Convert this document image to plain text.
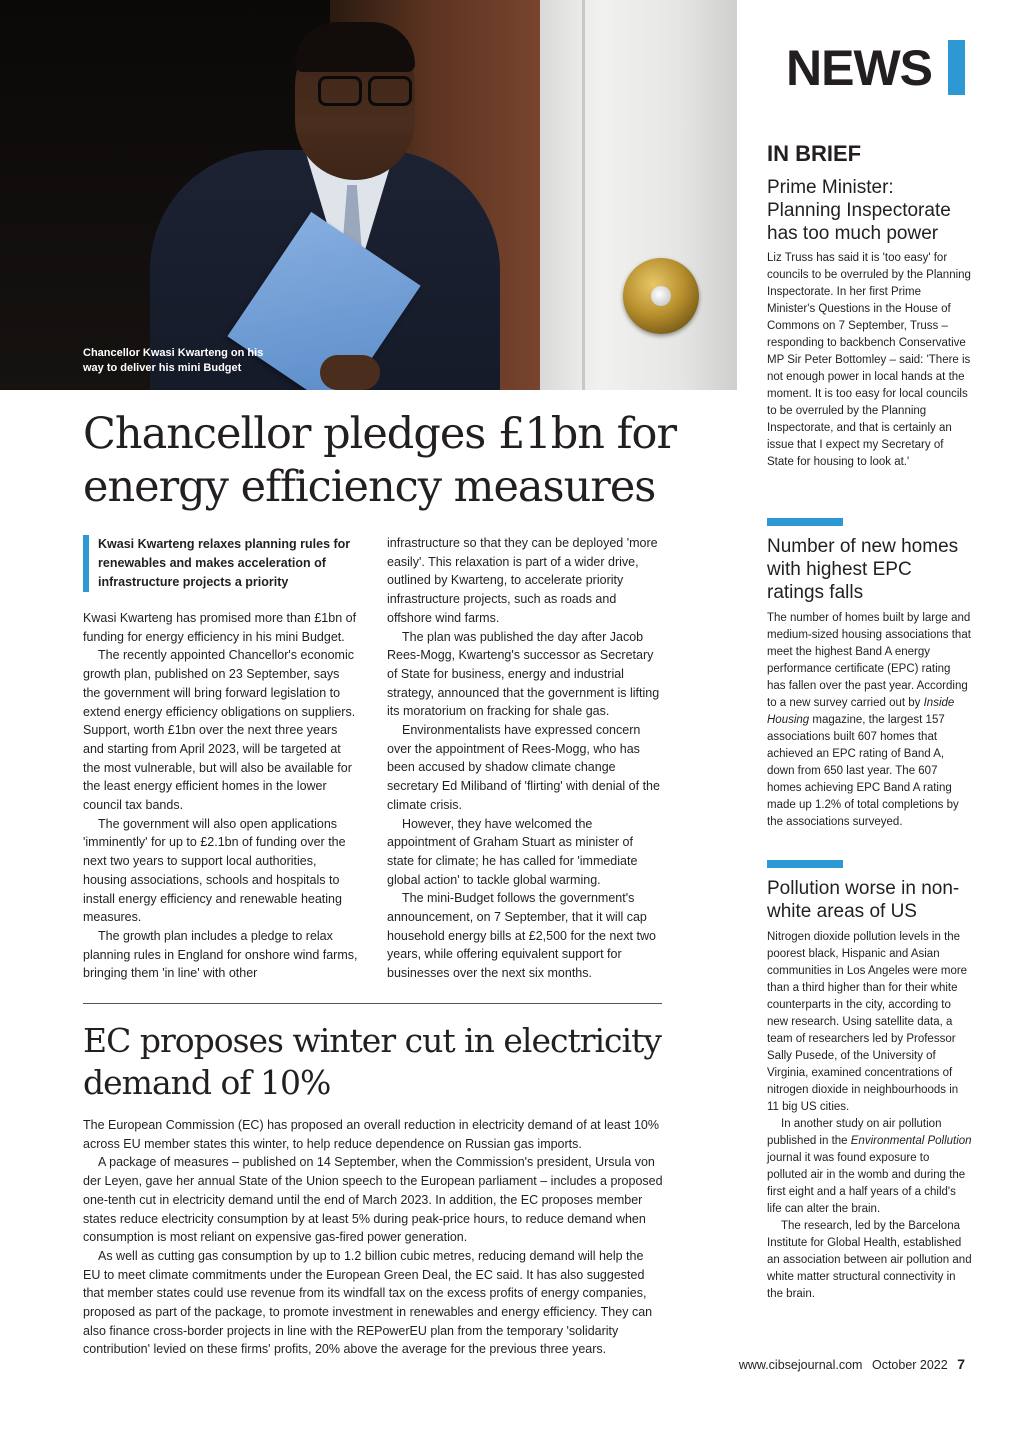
Chancellor Kwasi Kwarteng on his way to deliver his mini Budget
NEWS
Chancellor pledges £1bn for energy efficiency measures
Kwasi Kwarteng relaxes planning rules for renewables and makes acceleration of infrastructure projects a priority

Kwasi Kwarteng has promised more than £1bn of funding for energy efficiency in his mini Budget.

The recently appointed Chancellor's economic growth plan, published on 23 September, says the government will bring forward legislation to extend energy efficiency obligations on suppliers. Support, worth £1bn over the next three years and starting from April 2023, will be targeted at the most vulnerable, but will also be available for the least energy efficient homes in the lower council tax bands.

The government will also open applications 'imminently' for up to £2.1bn of funding over the next two years to support local authorities, housing associations, schools and hospitals to install energy efficiency and renewable heating measures.

The growth plan includes a pledge to relax planning rules in England for onshore wind farms, bringing them 'in line' with other

infrastructure so that they can be deployed 'more easily'. This relaxation is part of a wider drive, outlined by Kwarteng, to accelerate priority infrastructure projects, such as roads and offshore wind farms.

The plan was published the day after Jacob Rees-Mogg, Kwarteng's successor as Secretary of State for business, energy and industrial strategy, announced that the government is lifting its moratorium on fracking for shale gas.

Environmentalists have expressed concern over the appointment of Rees-Mogg, who has been accused by shadow climate change secretary Ed Miliband of 'flirting' with denial of the climate crisis.

However, they have welcomed the appointment of Graham Stuart as minister of state for climate; he has called for 'immediate global action' to tackle global warming.

The mini-Budget follows the government's announcement, on 7 September, that it will cap household energy bills at £2,500 for the next two years, while offering equivalent support for businesses over the next six months.

EC proposes winter cut in electricity demand of 10%

The European Commission (EC) has proposed an overall reduction in electricity demand of at least 10% across EU member states this winter, to help reduce dependence on Russian gas imports.

A package of measures – published on 14 September, when the Commission's president, Ursula von der Leyen, gave her annual State of the Union speech to the European parliament – includes a proposed one-tenth cut in electricity demand until the end of March 2023. In addition, the EC proposes member states reduce electricity consumption by at least 5% during peak-price hours, to reduce demand when consumption is most reliant on expensive gas-fired power generation.

As well as cutting gas consumption by up to 1.2 billion cubic metres, reducing demand will help the EU to meet climate commitments under the European Green Deal, the EC said. It has also suggested that member states could use revenue from its windfall tax on the excess profits of energy companies, proposed as part of the package, to promote investment in renewables and energy efficiency. They can also finance cross-border projects in line with the REPowerEU plan from the temporary 'solidarity contribution' levied on these firms' profits, 20% above the average for the previous three years.

IN BRIEF
Prime Minister: Planning Inspectorate has too much power

Liz Truss has said it is 'too easy' for councils to be overruled by the Planning Inspectorate. In her first Prime Minister's Questions in the House of Commons on 7 September, Truss – responding to backbench Conservative MP Sir Peter Bottomley – said: 'There is not enough power in local hands at the moment. It is too easy for local councils to be overruled by the Planning Inspectorate, and that is certainly an issue that I expect my Secretary of State for housing to look at.'

Number of new homes with highest EPC ratings falls

The number of homes built by large and medium-sized housing associations that meet the highest Band A energy performance certificate (EPC) rating has fallen over the past year. According to a new survey carried out by Inside Housing magazine, the largest 157 associations built 607 homes that achieved an EPC rating of Band A, down from 650 last year. The 607 homes achieving EPC Band A rating made up 1.2% of total completions by the associations surveyed.

Pollution worse in non-white areas of US

Nitrogen dioxide pollution levels in the poorest black, Hispanic and Asian communities in Los Angeles were more than a third higher than for their white counterparts in the city, according to new research. Using satellite data, a team of researchers led by Professor Sally Pusede, of the University of Virginia, examined concentrations of nitrogen dioxide in neighbourhoods in 11 big US cities.

In another study on air pollution published in the Environmental Pollution journal it was found exposure to polluted air in the womb and during the first eight and a half years of a child's life can alter the brain.

The research, led by the Barcelona Institute for Global Health, established an association between air pollution and white matter structural connectivity in the brain.

www.cibsejournal.com October 2022 7
